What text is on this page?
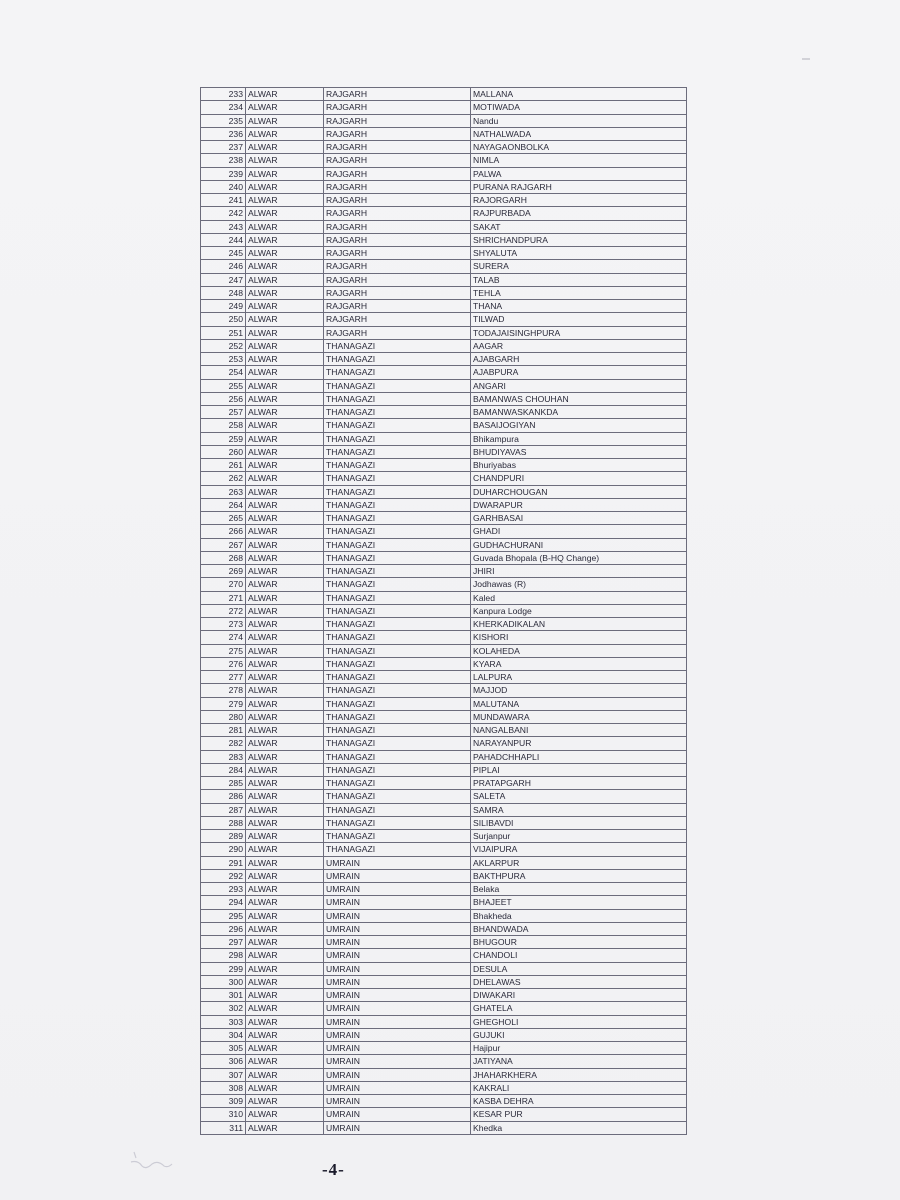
233	ALWAR	RAJGARH	MALLANA
234	ALWAR	RAJGARH	MOTIWADA
235	ALWAR	RAJGARH	Nandu
236	ALWAR	RAJGARH	NATHALWADA
237	ALWAR	RAJGARH	NAYAGAONBOLKA
238	ALWAR	RAJGARH	NIMLA
239	ALWAR	RAJGARH	PALWA
240	ALWAR	RAJGARH	PURANA RAJGARH
241	ALWAR	RAJGARH	RAJORGARH
242	ALWAR	RAJGARH	RAJPURBADA
243	ALWAR	RAJGARH	SAKAT
244	ALWAR	RAJGARH	SHRICHANDPURA
245	ALWAR	RAJGARH	SHYALUTA
246	ALWAR	RAJGARH	SURERA
247	ALWAR	RAJGARH	TALAB
248	ALWAR	RAJGARH	TEHLA
249	ALWAR	RAJGARH	THANA
250	ALWAR	RAJGARH	TILWAD
251	ALWAR	RAJGARH	TODAJAISINGHPURA
252	ALWAR	THANAGAZI	AAGAR
253	ALWAR	THANAGAZI	AJABGARH
254	ALWAR	THANAGAZI	AJABPURA
255	ALWAR	THANAGAZI	ANGARI
256	ALWAR	THANAGAZI	BAMANWAS CHOUHAN
257	ALWAR	THANAGAZI	BAMANWASKANKDA
258	ALWAR	THANAGAZI	BASAIJOGIYAN
259	ALWAR	THANAGAZI	Bhikampura
260	ALWAR	THANAGAZI	BHUDIYAVAS
261	ALWAR	THANAGAZI	Bhuriyabas
262	ALWAR	THANAGAZI	CHANDPURI
263	ALWAR	THANAGAZI	DUHARCHOUGAN
264	ALWAR	THANAGAZI	DWARAPUR
265	ALWAR	THANAGAZI	GARHBASAI
266	ALWAR	THANAGAZI	GHADI
267	ALWAR	THANAGAZI	GUDHACHURANI
268	ALWAR	THANAGAZI	Guvada Bhopala (B-HQ Change)
269	ALWAR	THANAGAZI	JHIRI
270	ALWAR	THANAGAZI	Jodhawas (R)
271	ALWAR	THANAGAZI	Kaled
272	ALWAR	THANAGAZI	Kanpura Lodge
273	ALWAR	THANAGAZI	KHERKADIKALAN
274	ALWAR	THANAGAZI	KISHORI
275	ALWAR	THANAGAZI	KOLAHEDA
276	ALWAR	THANAGAZI	KYARA
277	ALWAR	THANAGAZI	LALPURA
278	ALWAR	THANAGAZI	MAJJOD
279	ALWAR	THANAGAZI	MALUTANA
280	ALWAR	THANAGAZI	MUNDAWARA
281	ALWAR	THANAGAZI	NANGALBANI
282	ALWAR	THANAGAZI	NARAYANPUR
283	ALWAR	THANAGAZI	PAHADCHHAPLI
284	ALWAR	THANAGAZI	PIPLAI
285	ALWAR	THANAGAZI	PRATAPGARH
286	ALWAR	THANAGAZI	SALETA
287	ALWAR	THANAGAZI	SAMRA
288	ALWAR	THANAGAZI	SILIBAVDI
289	ALWAR	THANAGAZI	Surjanpur
290	ALWAR	THANAGAZI	VIJAIPURA
291	ALWAR	UMRAIN	AKLARPUR
292	ALWAR	UMRAIN	BAKTHPURA
293	ALWAR	UMRAIN	Belaka
294	ALWAR	UMRAIN	BHAJEET
295	ALWAR	UMRAIN	Bhakheda
296	ALWAR	UMRAIN	BHANDWADA
297	ALWAR	UMRAIN	BHUGOUR
298	ALWAR	UMRAIN	CHANDOLI
299	ALWAR	UMRAIN	DESULA
300	ALWAR	UMRAIN	DHELAWAS
301	ALWAR	UMRAIN	DIWAKARI
302	ALWAR	UMRAIN	GHATELA
303	ALWAR	UMRAIN	GHEGHOLI
304	ALWAR	UMRAIN	GUJUKI
305	ALWAR	UMRAIN	Hajipur
306	ALWAR	UMRAIN	JATIYANA
307	ALWAR	UMRAIN	JHAHARKHERA
308	ALWAR	UMRAIN	KAKRALI
309	ALWAR	UMRAIN	KASBA DEHRA
310	ALWAR	UMRAIN	KESAR PUR
311	ALWAR	UMRAIN	Khedka
-4-
